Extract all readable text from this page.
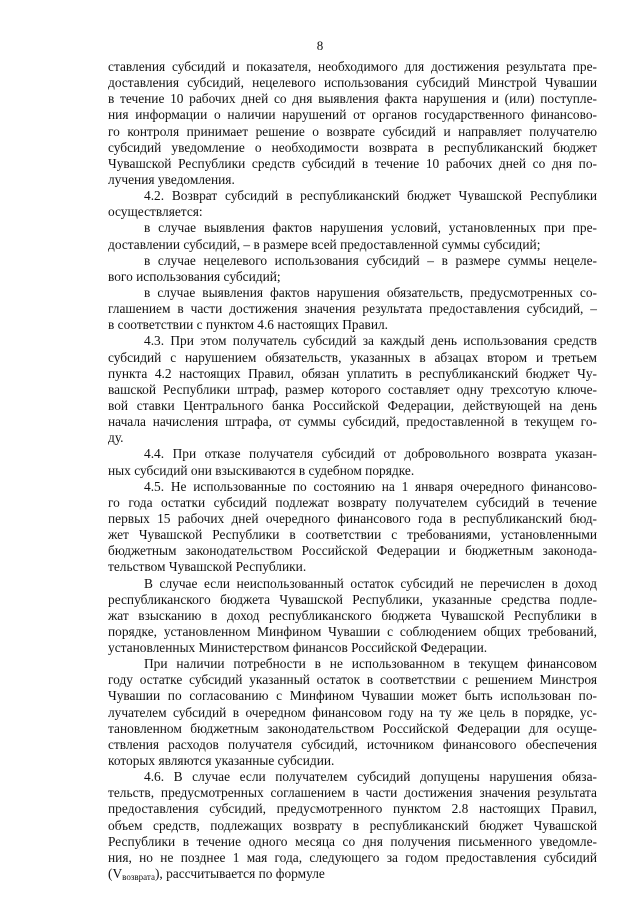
8
ставления субсидий и показателя, необходимого для достижения результата пре-
доставления субсидий, нецелевого использования субсидий Минстрой Чувашии
в течение 10 рабочих дней со дня выявления факта нарушения и (или) поступле-
ния информации о наличии нарушений от органов государственного финансово-
го контроля принимает решение о возврате субсидий и направляет получателю
субсидий уведомление о необходимости возврата в республиканский бюджет
Чувашской Республики средств субсидий в течение 10 рабочих дней со дня по-
лучения уведомления.
4.2. Возврат субсидий в республиканский бюджет Чувашской Республики
осуществляется:
в случае выявления фактов нарушения условий, установленных при пре-
доставлении субсидий, – в размере всей предоставленной суммы субсидий;
в случае нецелевого использования субсидий – в размере суммы нецеле-
вого использования субсидий;
в случае выявления фактов нарушения обязательств, предусмотренных со-
глашением в части достижения значения результата предоставления субсидий, –
в соответствии с пунктом 4.6 настоящих Правил.
4.3. При этом получатель субсидий за каждый день использования средств
субсидий с нарушением обязательств, указанных в абзацах втором и третьем
пункта 4.2 настоящих Правил, обязан уплатить в республиканский бюджет Чу-
вашской Республики штраф, размер которого составляет одну трехсотую ключе-
вой ставки Центрального банка Российской Федерации, действующей на день
начала начисления штрафа, от суммы субсидий, предоставленной в текущем го-
ду.
4.4. При отказе получателя субсидий от добровольного возврата указан-
ных субсидий они взыскиваются в судебном порядке.
4.5. Не использованные по состоянию на 1 января очередного финансово-
го года остатки субсидий подлежат возврату получателем субсидий в течение
первых 15 рабочих дней очередного финансового года в республиканский бюд-
жет Чувашской Республики в соответствии с требованиями, установленными
бюджетным законодательством Российской Федерации и бюджетным законода-
тельством Чувашской Республики.
В случае если неиспользованный остаток субсидий не перечислен в доход
республиканского бюджета Чувашской Республики, указанные средства подле-
жат взысканию в доход республиканского бюджета Чувашской Республики в
порядке, установленном Минфином Чувашии с соблюдением общих требований,
установленных Министерством финансов Российской Федерации.
При наличии потребности в не использованном в текущем финансовом
году остатке субсидий указанный остаток в соответствии с решением Минстроя
Чувашии по согласованию с Минфином Чувашии может быть использован по-
лучателем субсидий в очередном финансовом году на ту же цель в порядке, ус-
тановленном бюджетным законодательством Российской Федерации для осуще-
ствления расходов получателя субсидий, источником финансового обеспечения
которых являются указанные субсидии.
4.6. В случае если получателем субсидий допущены нарушения обяза-
тельств, предусмотренных соглашением в части достижения значения результата
предоставления субсидий, предусмотренного пунктом 2.8 настоящих Правил,
объем средств, подлежащих возврату в республиканский бюджет Чувашской
Республики в течение одного месяца со дня получения письменного уведомле-
ния, но не позднее 1 мая года, следующего за годом предоставления субсидий
$(V_{возврата})$, рассчитывается по формуле
